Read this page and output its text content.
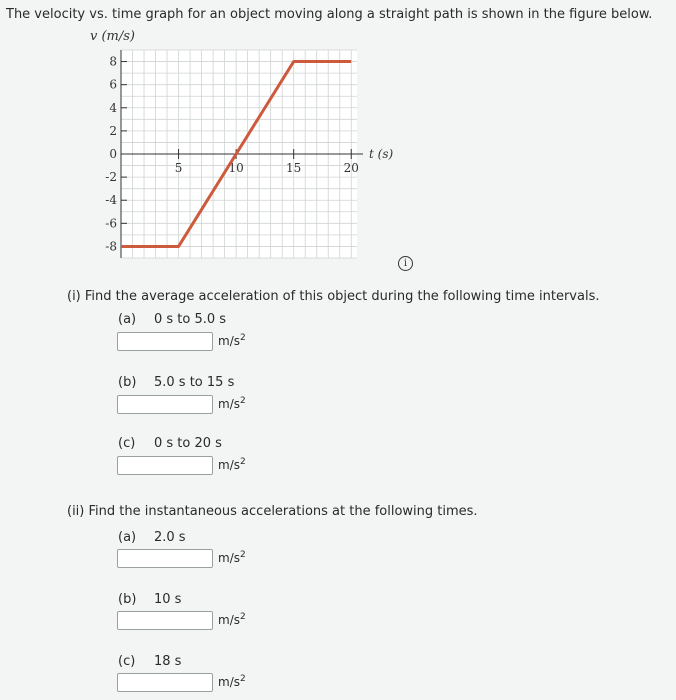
The velocity vs. time graph for an object moving along a straight path is shown in the figure below.
8
6
4
2
0
-2
-4
-6
-8
5	10	15	20
v (m/s)
t (s)
i
(i) Find the average acceleration of this object during the following time intervals.
(a) 0 s to 5.0 s
$m/s^2$
(b) 5.0 s to 15 s
$m/s^2$
(c) 0 s to 20 s
$m/s^2$
(ii) Find the instantaneous accelerations at the following times.
(a) 2.0 s
$m/s^2$
(b) 10 s
$m/s^2$
(c) 18 s
$m/s^2$
